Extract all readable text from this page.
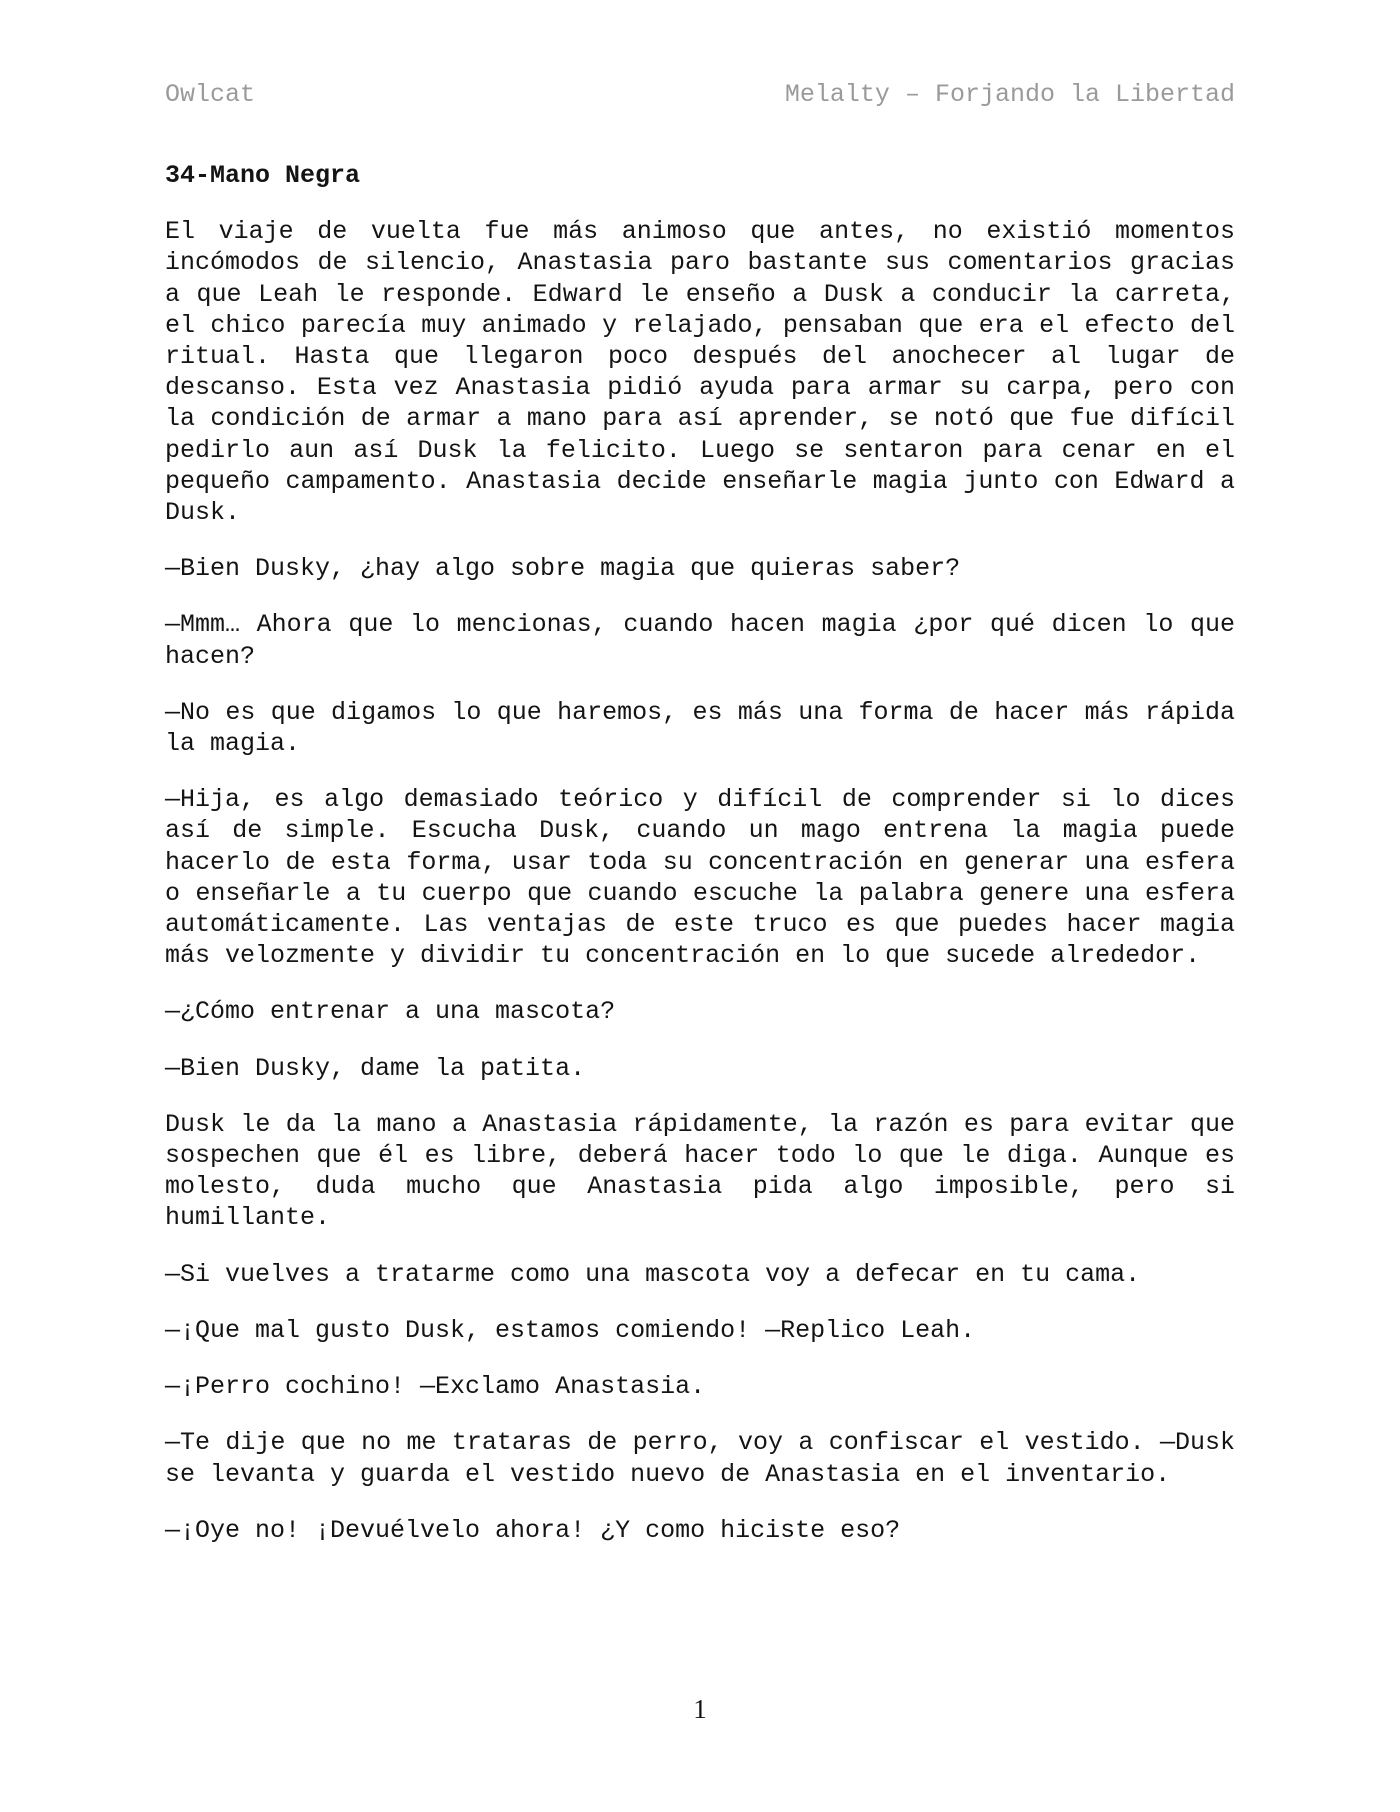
Owlcat	Melalty – Forjando la Libertad
34-Mano Negra

El viaje de vuelta fue más animoso que antes, no existió momentos incómodos de silencio, Anastasia paro bastante sus comentarios gracias a que Leah le responde. Edward le enseño a Dusk a conducir la carreta, el chico parecía muy animado y relajado, pensaban que era el efecto del ritual. Hasta que llegaron poco después del anochecer al lugar de descanso. Esta vez Anastasia pidió ayuda para armar su carpa, pero con la condición de armar a mano para así aprender, se notó que fue difícil pedirlo aun así Dusk la felicito. Luego se sentaron para cenar en el pequeño campamento. Anastasia decide enseñarle magia junto con Edward a Dusk.

—Bien Dusky, ¿hay algo sobre magia que quieras saber?

—Mmm… Ahora que lo mencionas, cuando hacen magia ¿por qué dicen lo que hacen?

—No es que digamos lo que haremos, es más una forma de hacer más rápida la magia.

—Hija, es algo demasiado teórico y difícil de comprender si lo dices así de simple. Escucha Dusk, cuando un mago entrena la magia puede hacerlo de esta forma, usar toda su concentración en generar una esfera o enseñarle a tu cuerpo que cuando escuche la palabra genere una esfera automáticamente. Las ventajas de este truco es que puedes hacer magia más velozmente y dividir tu concentración en lo que sucede alrededor.

—¿Cómo entrenar a una mascota?

—Bien Dusky, dame la patita.

Dusk le da la mano a Anastasia rápidamente, la razón es para evitar que sospechen que él es libre, deberá hacer todo lo que le diga. Aunque es molesto, duda mucho que Anastasia pida algo imposible, pero si humillante.

—Si vuelves a tratarme como una mascota voy a defecar en tu cama.

—¡Que mal gusto Dusk, estamos comiendo! —Replico Leah.

—¡Perro cochino! —Exclamo Anastasia.

—Te dije que no me trataras de perro, voy a confiscar el vestido. —Dusk se levanta y guarda el vestido nuevo de Anastasia en el inventario.

—¡Oye no! ¡Devuélvelo ahora! ¿Y como hiciste eso?

1
